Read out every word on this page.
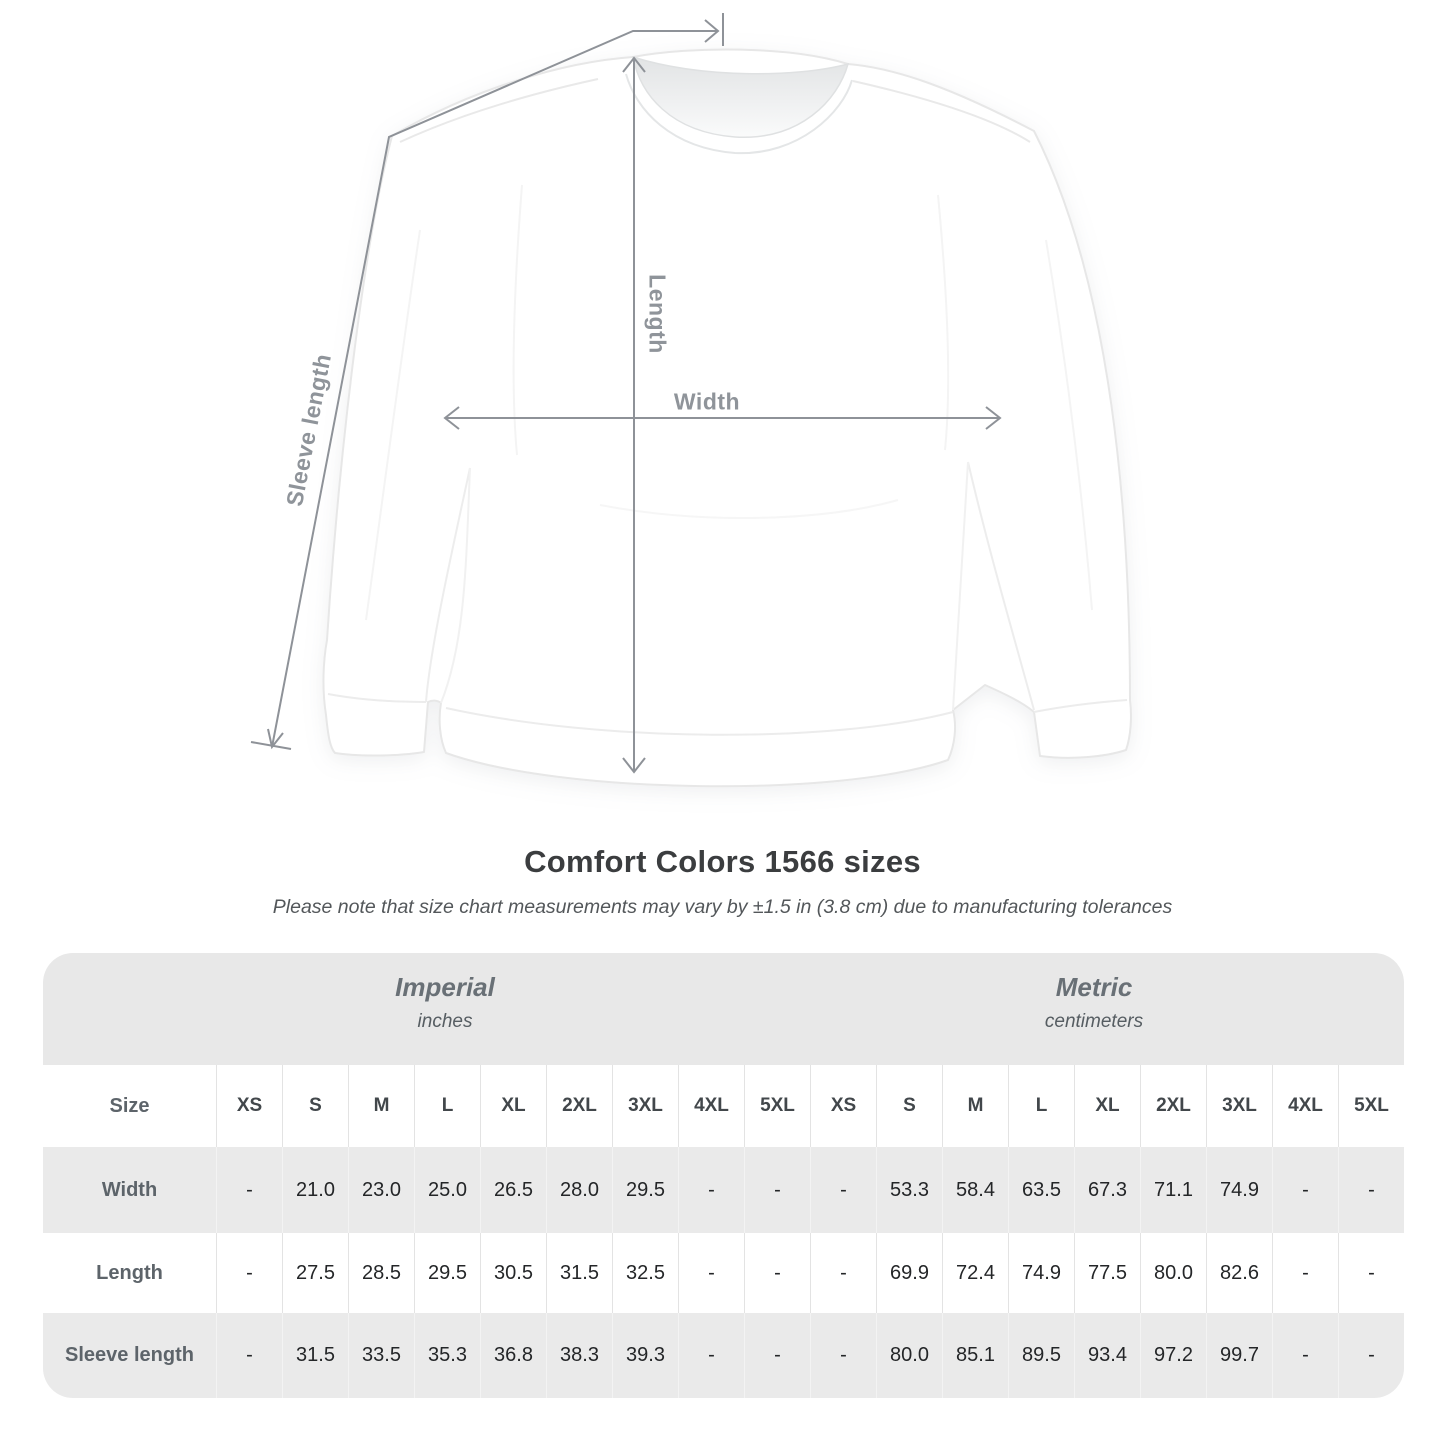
Width
Length
Sleeve length
Comfort Colors 1566 sizes
Please note that size chart measurements may vary by ±1.5 in (3.8 cm) due to manufacturing tolerances
Imperial
inches
Metric
centimeters
Size	XS	S	M	L	XL	2XL	3XL	4XL	5XL	XS	S	M	L	XL	2XL	3XL	4XL	5XL
Width	-	21.0	23.0	25.0	26.5	28.0	29.5	-	-	-	53.3	58.4	63.5	67.3	71.1	74.9	-	-
Length	-	27.5	28.5	29.5	30.5	31.5	32.5	-	-	-	69.9	72.4	74.9	77.5	80.0	82.6	-	-
Sleeve length	-	31.5	33.5	35.3	36.8	38.3	39.3	-	-	-	80.0	85.1	89.5	93.4	97.2	99.7	-	-
